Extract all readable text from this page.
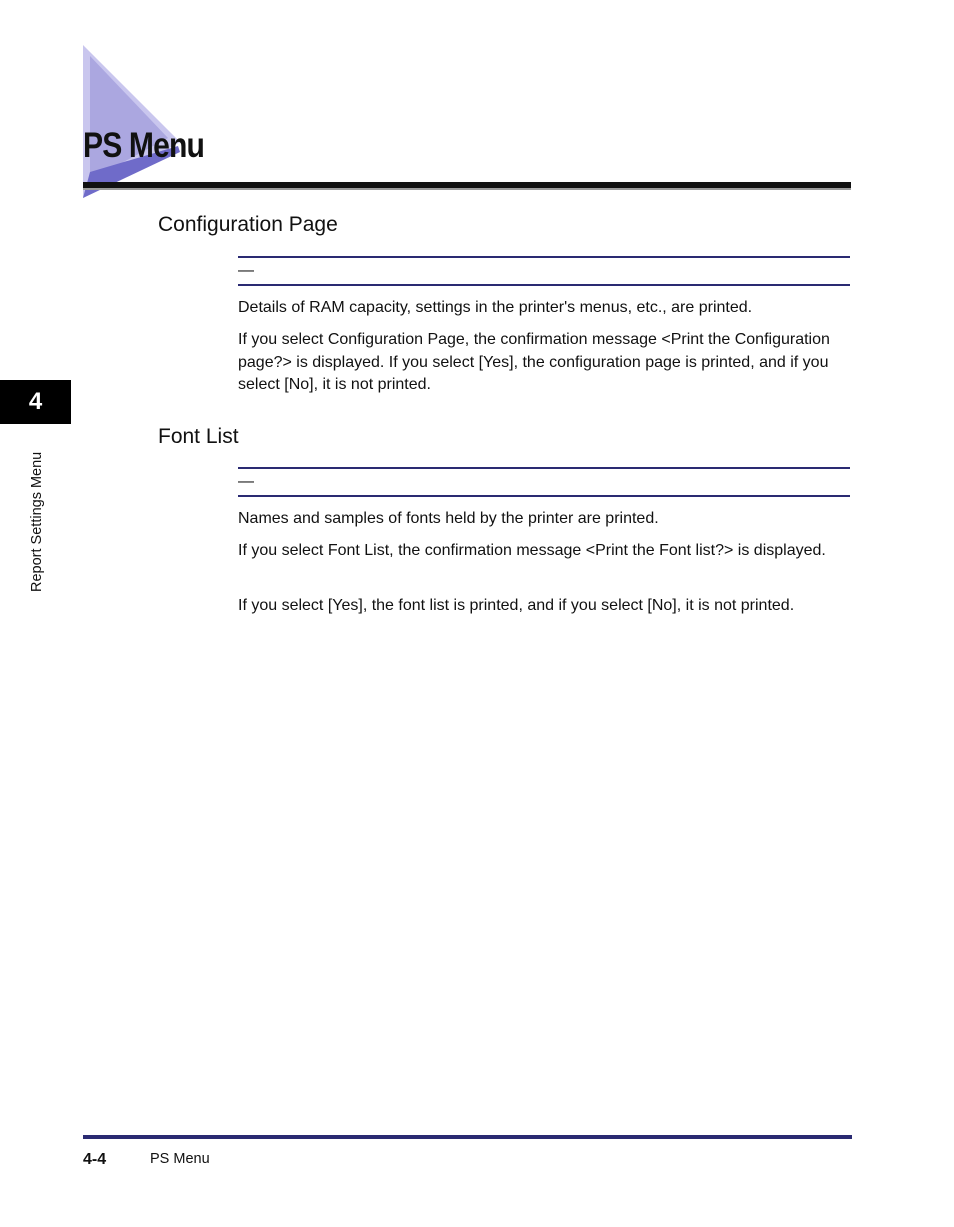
PS Menu
Configuration Page
—

Details of RAM capacity, settings in the printer's menus, etc., are printed.

If you select Configuration Page, the confirmation message <Print the Configuration page?> is displayed. If you select [Yes], the configuration page is printed, and if you select [No], it is not printed.

Font List
—

Names and samples of fonts held by the printer are printed.

If you select Font List, the confirmation message <Print the Font list?> is displayed.

If you select [Yes], the font list is printed, and if you select [No], it is not printed.

4
Report Settings Menu
4-4	PS Menu
